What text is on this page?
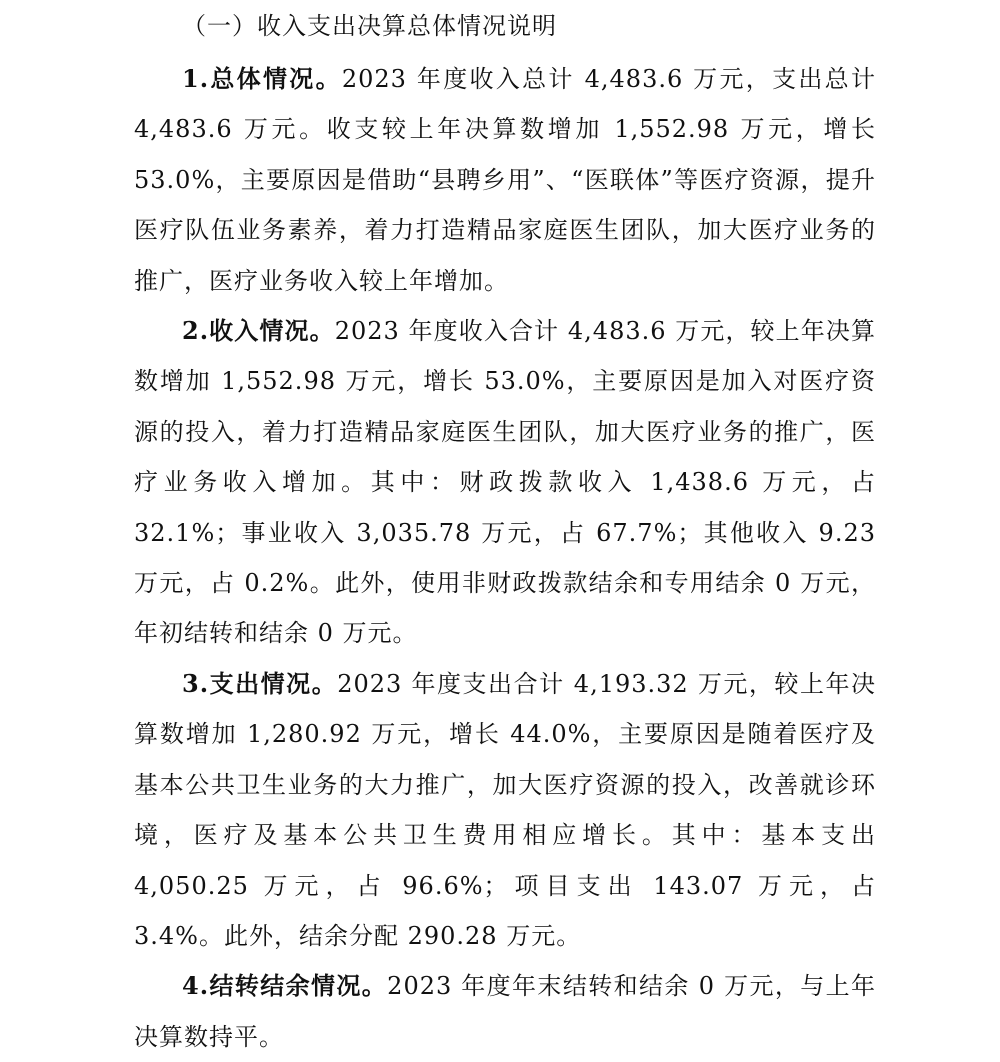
（一）收入支出决算总体情况说明

1.总体情况。2023 年度收入总计 4,483.6 万元，支出总计 4,483.6 万元。收支较上年决算数增加 1,552.98 万元，增长 53.0%，主要原因是借助“县聘乡用”、“医联体”等医疗资源，提升医疗队伍业务素养，着力打造精品家庭医生团队，加大医疗业务的推广，医疗业务收入较上年增加。

2.收入情况。2023 年度收入合计 4,483.6 万元，较上年决算数增加 1,552.98 万元，增长 53.0%，主要原因是加入对医疗资源的投入，着力打造精品家庭医生团队，加大医疗业务的推广，医疗业务收入增加。其中：财政拨款收入 1,438.6 万元，占 32.1%；事业收入 3,035.78 万元，占 67.7%；其他收入 9.23 万元，占 0.2%。此外，使用非财政拨款结余和专用结余 0 万元，年初结转和结余 0 万元。

3.支出情况。2023 年度支出合计 4,193.32 万元，较上年决算数增加 1,280.92 万元，增长 44.0%，主要原因是随着医疗及基本公共卫生业务的大力推广，加大医疗资源的投入，改善就诊环境，医疗及基本公共卫生费用相应增长。其中：基本支出 4,050.25 万元，占 96.6%；项目支出 143.07 万元，占 3.4%。此外，结余分配 290.28 万元。

4.结转结余情况。2023 年度年末结转和结余 0 万元，与上年决算数持平。
